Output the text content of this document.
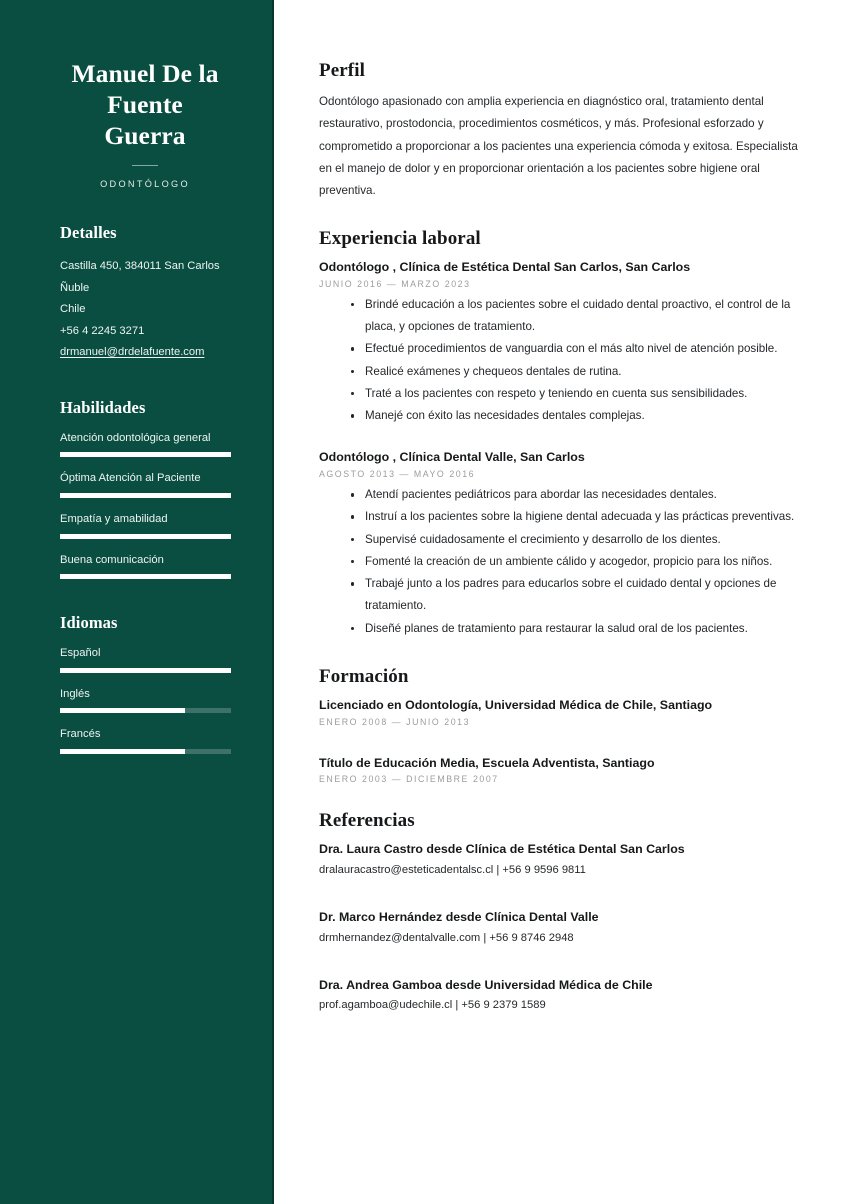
Manuel De la Fuente Guerra
ODONTÓLOGO
Detalles
Castilla 450, 384011 San Carlos
Ñuble
Chile
+56 4 2245 3271
drmanuel@drdelafuente.com
Habilidades
Atención odontológica general
Óptima Atención al Paciente
Empatía y amabilidad
Buena comunicación
Idiomas
Español
Inglés
Francés
Perfil

Odontólogo apasionado con amplia experiencia en diagnóstico oral, tratamiento dental restaurativo, prostodoncia, procedimientos cosméticos, y más. Profesional esforzado y comprometido a proporcionar a los pacientes una experiencia cómoda y exitosa. Especialista en el manejo de dolor y en proporcionar orientación a los pacientes sobre higiene oral preventiva.

Experiencia laboral
Odontólogo , Clínica de Estética Dental San Carlos, San Carlos
JUNIO 2016 — MARZO 2023
Brindé educación a los pacientes sobre el cuidado dental proactivo, el control de la placa, y opciones de tratamiento.
Efectué procedimientos de vanguardia con el más alto nivel de atención posible.
Realicé exámenes y chequeos dentales de rutina.
Traté a los pacientes con respeto y teniendo en cuenta sus sensibilidades.
Manejé con éxito las necesidades dentales complejas.
Odontólogo , Clínica Dental Valle, San Carlos
AGOSTO 2013 — MAYO 2016
Atendí pacientes pediátricos para abordar las necesidades dentales.
Instruí a los pacientes sobre la higiene dental adecuada y las prácticas preventivas.
Supervisé cuidadosamente el crecimiento y desarrollo de los dientes.
Fomenté la creación de un ambiente cálido y acogedor, propicio para los niños.
Trabajé junto a los padres para educarlos sobre el cuidado dental y opciones de tratamiento.
Diseñé planes de tratamiento para restaurar la salud oral de los pacientes.
Formación
Licenciado en Odontología, Universidad Médica de Chile, Santiago
ENERO 2008 — JUNIO 2013
Título de Educación Media, Escuela Adventista, Santiago
ENERO 2003 — DICIEMBRE 2007
Referencias
Dra. Laura Castro desde Clínica de Estética Dental San Carlos
dralauracastro@esteticadentalsc.cl | +56 9 9596 9811
Dr. Marco Hernández desde Clínica Dental Valle
drmhernandez@dentalvalle.com | +56 9 8746 2948
Dra. Andrea Gamboa desde Universidad Médica de Chile
prof.agamboa@udechile.cl | +56 9 2379 1589
